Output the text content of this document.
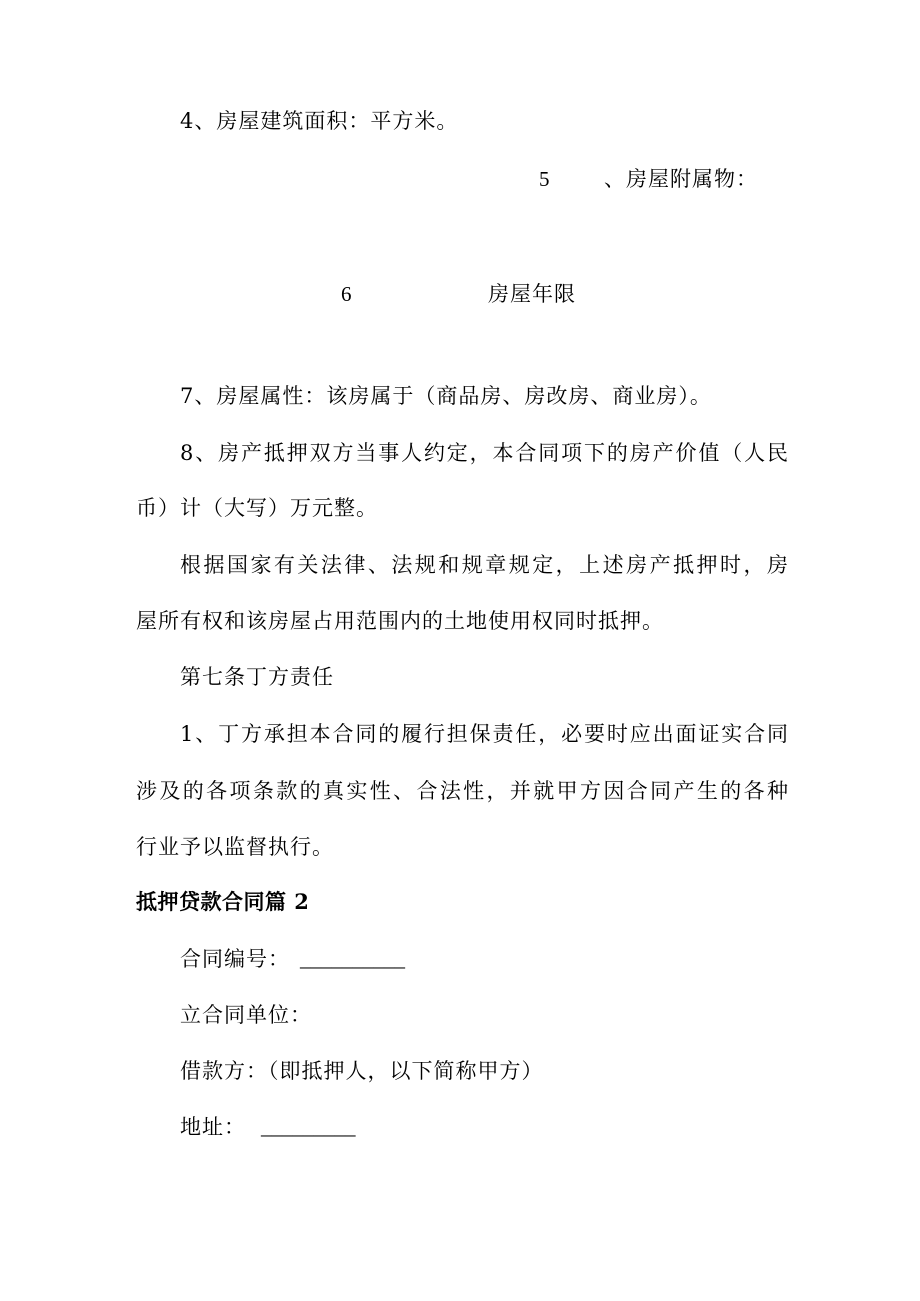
4、房屋建筑面积：平方米。
5	、房屋附属物：
6	房屋年限
7、房屋属性：该房属于（商品房、房改房、商业房）。
8、房产抵押双方当事人约定，本合同项下的房产价值（人民
币）计（大写）万元整。
根据国家有关法律、法规和规章规定，上述房产抵押时，房
屋所有权和该房屋占用范围内的土地使用权同时抵押。
第七条丁方责任
1、丁方承担本合同的履行担保责任，必要时应出面证实合同
涉及的各项条款的真实性、合法性，并就甲方因合同产生的各种
行业予以监督执行。
抵押贷款合同篇 2
合同编号： __________
立合同单位：
借款方：（即抵押人，以下简称甲方）
地址： _________
